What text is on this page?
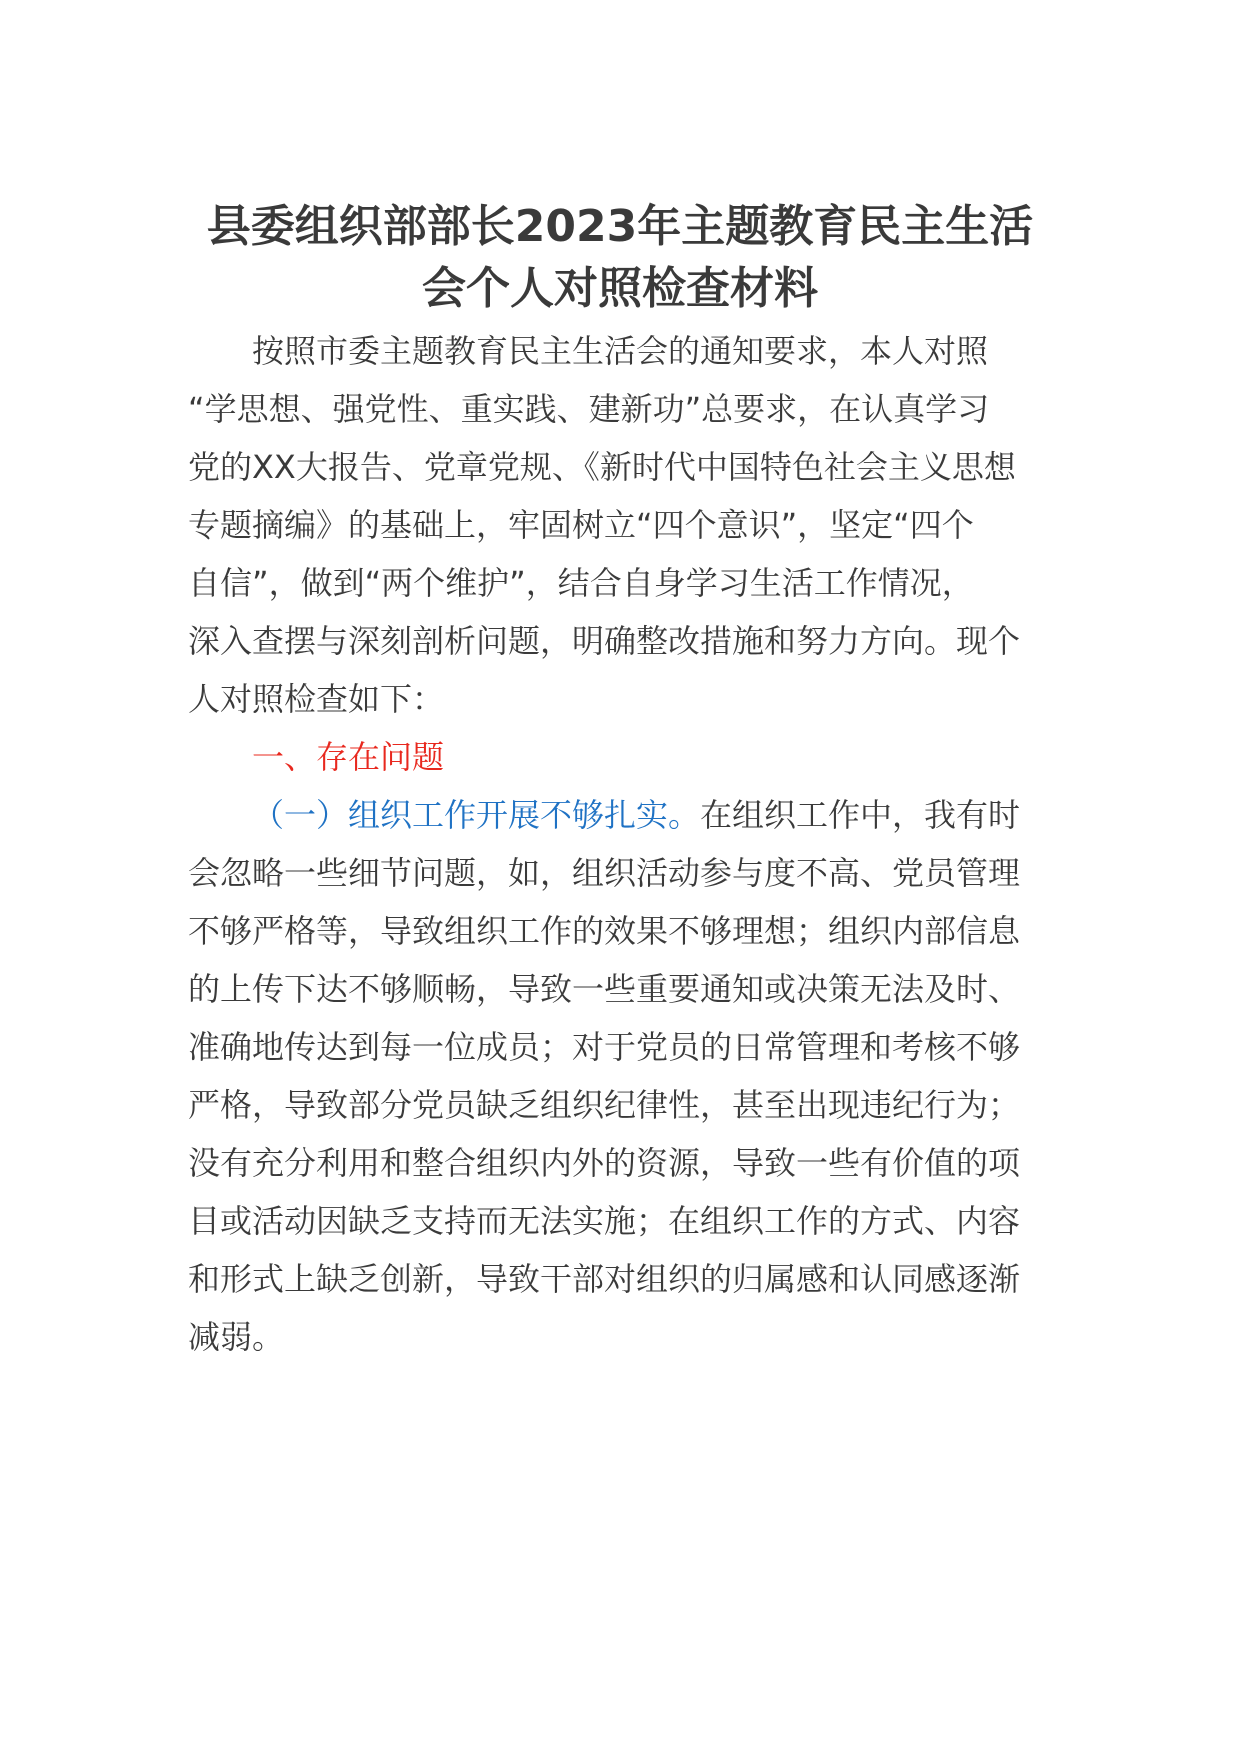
县委组织部部长2023年主题教育民主生活
会个人对照检查材料
按照市委主题教育民主生活会的通知要求，本人对照
“学思想、强党性、重实践、建新功”总要求，在认真学习
党的XX大报告、党章党规、《新时代中国特色社会主义思想
专题摘编》的基础上，牢固树立“四个意识”，坚定“四个
自信”，做到“两个维护”，结合自身学习生活工作情况，
深入查摆与深刻剖析问题，明确整改措施和努力方向。现个
人对照检查如下：
一、存在问题
（一）组织工作开展不够扎实。在组织工作中，我有时
会忽略一些细节问题，如，组织活动参与度不高、党员管理
不够严格等，导致组织工作的效果不够理想；组织内部信息
的上传下达不够顺畅，导致一些重要通知或决策无法及时、
准确地传达到每一位成员；对于党员的日常管理和考核不够
严格，导致部分党员缺乏组织纪律性，甚至出现违纪行为；
没有充分利用和整合组织内外的资源，导致一些有价值的项
目或活动因缺乏支持而无法实施；在组织工作的方式、内容
和形式上缺乏创新，导致干部对组织的归属感和认同感逐渐
减弱。
